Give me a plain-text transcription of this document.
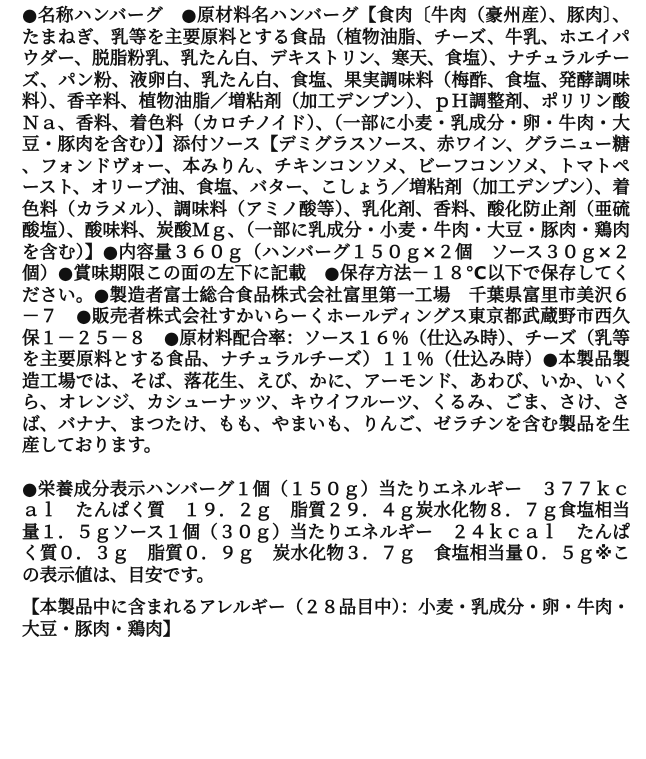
●名称ハンバーグ　●原材料名ハンバーグ【食肉〔牛肉（豪州産）、豚肉〕、たまねぎ、乳等を主要原料とする食品（植物油脂、チーズ、牛乳、ホエイパウダー、脱脂粉乳、乳たん白、デキストリン、寒天、食塩）、ナチュラルチーズ、パン粉、液卵白、乳たん白、食塩、果実調味料（梅酢、食塩、発酵調味料）、香辛料、植物油脂／増粘剤（加工デンプン）、ｐＨ調整剤、ポリリン酸Ｎａ、香料、着色料（カロチノイド）、（一部に小麦・乳成分・卵・牛肉・大豆・豚肉を含む）】添付ソース【デミグラスソース、赤ワイン、グラニュー糖、フォンドヴォー、本みりん、チキンコンソメ、ビーフコンソメ、トマトペースト、オリーブ油、食塩、バター、こしょう／増粘剤（加工デンプン）、着色料（カラメル）、調味料（アミノ酸等）、乳化剤、香料、酸化防止剤（亜硫酸塩）、酸味料、炭酸Ｍｇ、（一部に乳成分・小麦・牛肉・大豆・豚肉・鶏肉を含む）】●内容量３６０ｇ（ハンバーグ１５０ｇ×２個　ソース３０ｇ×２個）●賞味期限この面の左下に記載　●保存方法－１８℃以下で保存してください。●製造者富士総合食品株式会社富里第一工場　千葉県富里市美沢６－７　●販売者株式会社すかいらーくホールディングス東京都武蔵野市西久保１－２５－８　●原材料配合率：ソース１６％（仕込み時）、チーズ（乳等を主要原料とする食品、ナチュラルチーズ）１１％（仕込み時）●本製品製造工場では、そば、落花生、えび、かに、アーモンド、あわび、いか、いくら、オレンジ、カシューナッツ、キウイフルーツ、くるみ、ごま、さけ、さば、バナナ、まつたけ、もも、やまいも、りんご、ゼラチンを含む製品を生産しております。

●栄養成分表示ハンバーグ１個（１５０ｇ）当たりエネルギー　３７７ｋｃａｌ　たんぱく質　１９．２ｇ　脂質２９．４ｇ炭水化物８．７ｇ食塩相当量１．５ｇソース１個（３０ｇ）当たりエネルギー　２４ｋｃａｌ　たんぱく質０．３ｇ　脂質０．９ｇ　炭水化物３．７ｇ　食塩相当量０．５ｇ※この表示値は、目安です。

【本製品中に含まれるアレルギー（２８品目中）：小麦・乳成分・卵・牛肉・大豆・豚肉・鶏肉】
